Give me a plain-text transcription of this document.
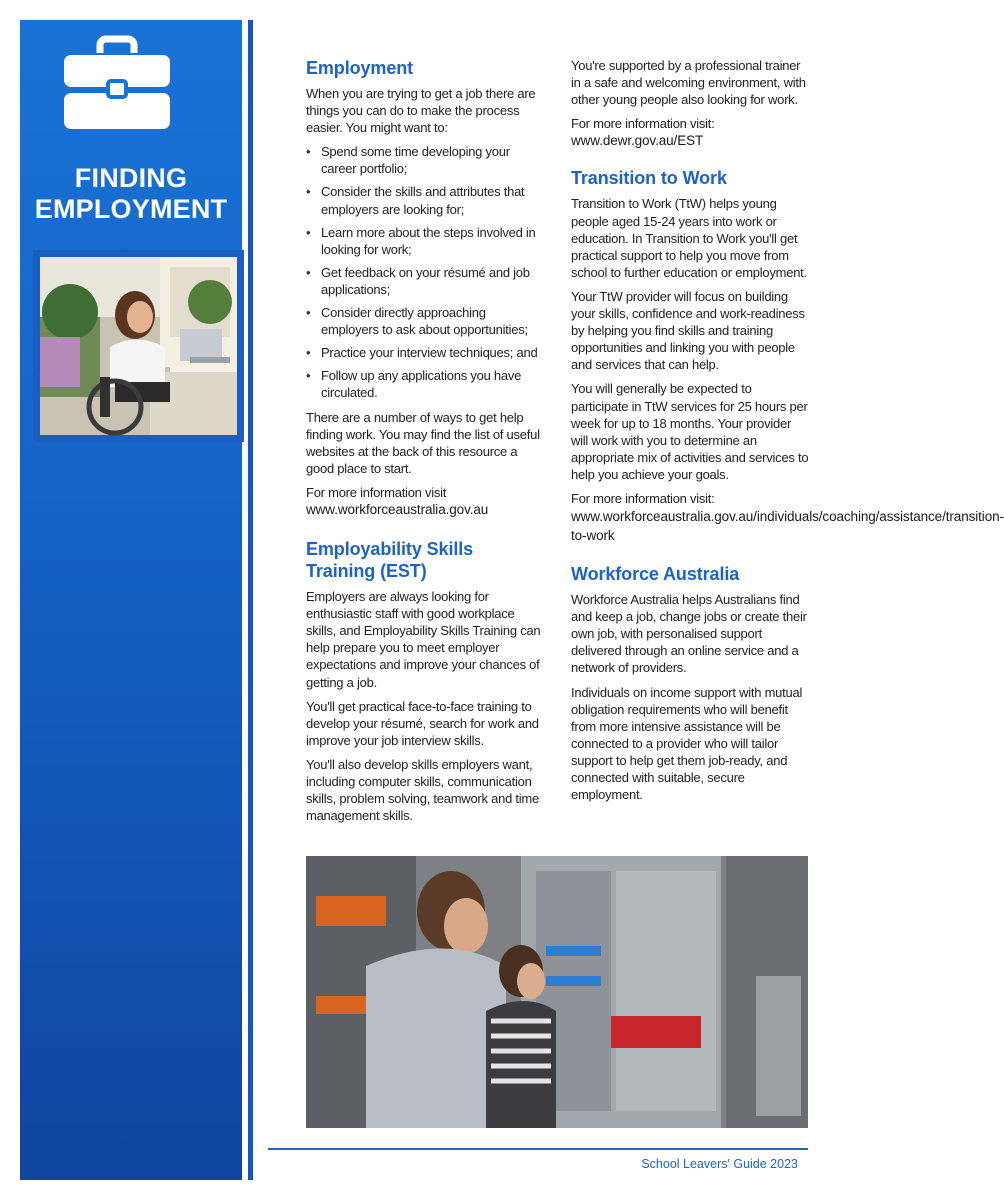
FINDING
EMPLOYMENT
Employment

When you are trying to get a job there are things you can do to make the process easier. You might want to:

• Spend some time developing your career portfolio;
• Consider the skills and attributes that employers are looking for;
• Learn more about the steps involved in looking for work;
• Get feedback on your résumé and job applications;
• Consider directly approaching employers to ask about opportunities;
• Practice your interview techniques; and
• Follow up any applications you have circulated.

There are a number of ways to get help finding work. You may find the list of useful websites at the back of this resource a good place to start.

For more information visit

www.workforceaustralia.gov.au

Employability Skills Training (EST)

Employers are always looking for enthusiastic staff with good workplace skills, and Employability Skills Training can help prepare you to meet employer expectations and improve your chances of getting a job.

You'll get practical face-to-face training to develop your résumé, search for work and improve your job interview skills.

You'll also develop skills employers want, including computer skills, communication skills, problem solving, teamwork and time management skills.

You're supported by a professional trainer in a safe and welcoming environment, with other young people also looking for work.

For more information visit:

www.dewr.gov.au/EST

Transition to Work

Transition to Work (TtW) helps young people aged 15-24 years into work or education. In Transition to Work you'll get practical support to help you move from school to further education or employment.

Your TtW provider will focus on building your skills, confidence and work-readiness by helping you find skills and training opportunities and linking you with people and services that can help.

You will generally be expected to participate in TtW services for 25 hours per week for up to 18 months. Your provider will work with you to determine an appropriate mix of activities and services to help you achieve your goals.

For more information visit:

www.workforceaustralia.gov.au/individuals/coaching/assistance/transition-to-work

Workforce Australia

Workforce Australia helps Australians find and keep a job, change jobs or create their own job, with personalised support delivered through an online service and a network of providers.

Individuals on income support with mutual obligation requirements who will benefit from more intensive assistance will be connected to a provider who will tailor support to help get them job-ready, and connected with suitable, secure employment.

School Leavers' Guide 2023
